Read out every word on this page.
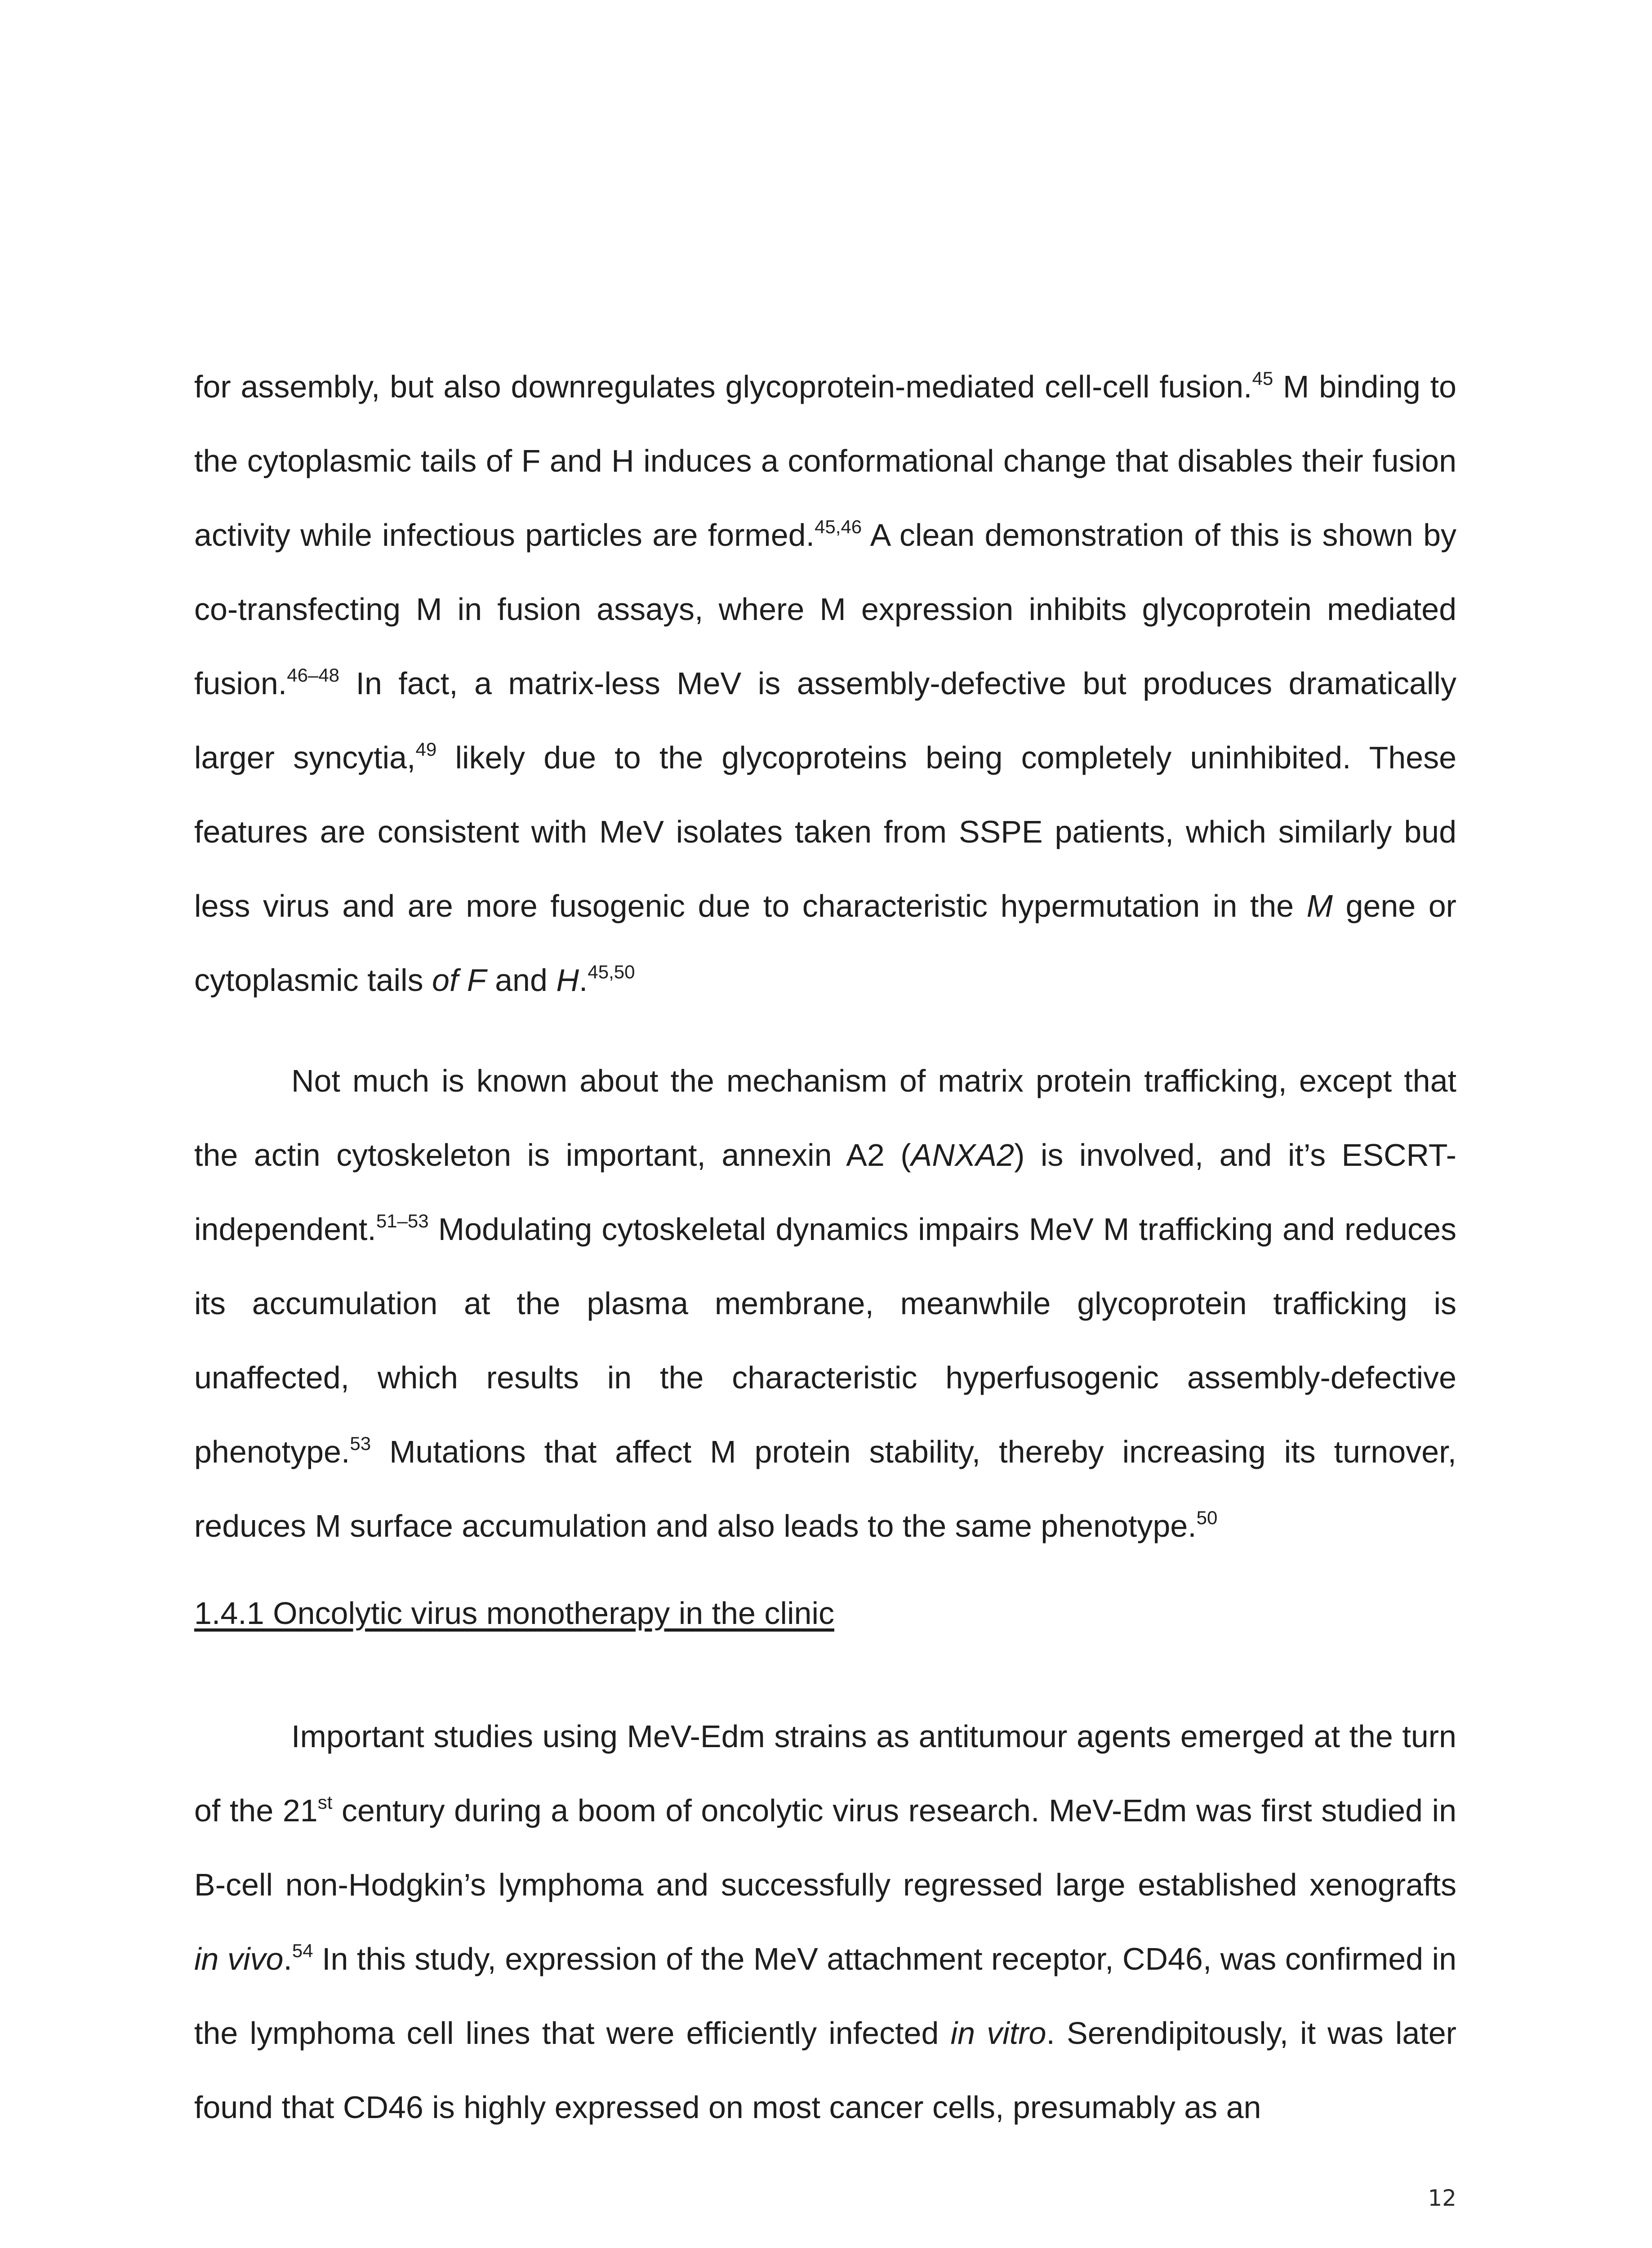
for assembly, but also downregulates glycoprotein-mediated cell-cell fusion.$^{45}$ M binding to the cytoplasmic tails of F and H induces a conformational change that disables their fusion activity while infectious particles are formed.$^{45,46}$ A clean demonstration of this is shown by co-transfecting M in fusion assays, where M expression inhibits glycoprotein mediated fusion.$^{46-48}$ In fact, a matrix-less MeV is assembly-defective but produces dramatically larger syncytia,$^{49}$ likely due to the glycoproteins being completely uninhibited. These features are consistent with MeV isolates taken from SSPE patients, which similarly bud less virus and are more fusogenic due to characteristic hypermutation in the M gene or cytoplasmic tails of F and H.$^{45,50}$

Not much is known about the mechanism of matrix protein trafficking, except that the actin cytoskeleton is important, annexin A2 (ANXA2) is involved, and it’s ESCRT-independent.$^{51-53}$ Modulating cytoskeletal dynamics impairs MeV M trafficking and reduces its accumulation at the plasma membrane, meanwhile glycoprotein trafficking is unaffected, which results in the characteristic hyperfusogenic assembly-defective phenotype.$^{53}$ Mutations that affect M protein stability, thereby increasing its turnover, reduces M surface accumulation and also leads to the same phenotype.$^{50}$

1.4.1 Oncolytic virus monotherapy in the clinic

Important studies using MeV-Edm strains as antitumour agents emerged at the turn of the 21st century during a boom of oncolytic virus research. MeV-Edm was first studied in B-cell non-Hodgkin’s lymphoma and successfully regressed large established xenografts in vivo.$^{54}$ In this study, expression of the MeV attachment receptor, CD46, was confirmed in the lymphoma cell lines that were efficiently infected in vitro. Serendipitously, it was later found that CD46 is highly expressed on most cancer cells, presumably as an

12
